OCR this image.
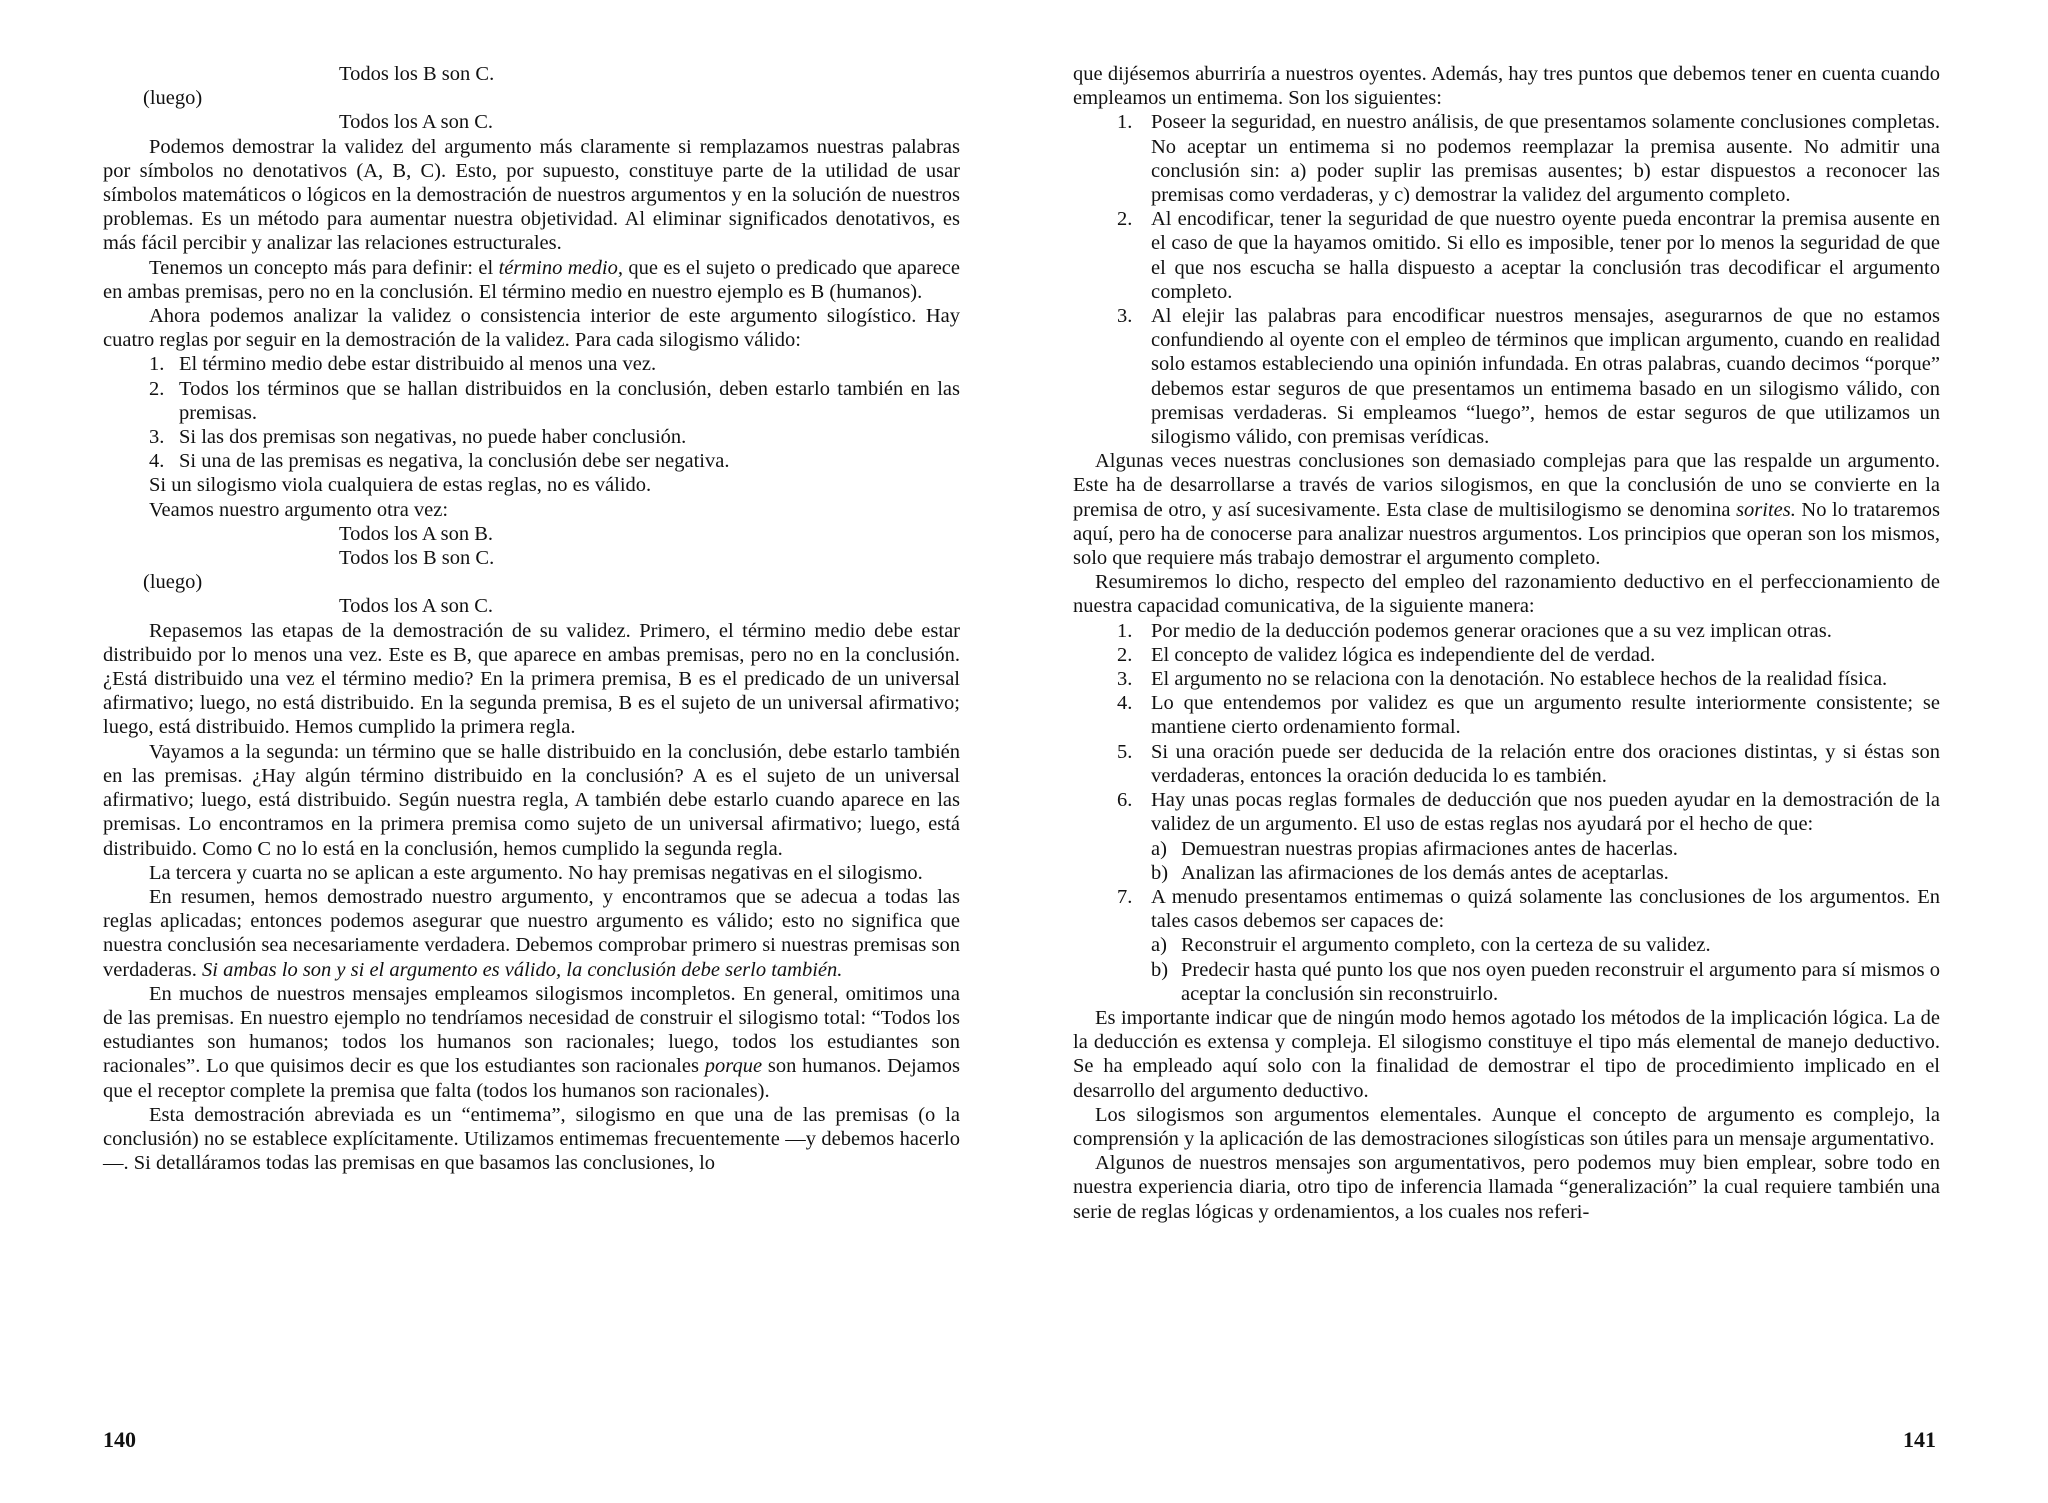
Todos los B son C.

(luego)

Todos los A son C.

Podemos demostrar la validez del argumento más claramente si remplazamos nuestras palabras por símbolos no denotativos (A, B, C). Esto, por supuesto, constituye parte de la utilidad de usar símbolos matemáticos o lógicos en la demostración de nuestros argumentos y en la solución de nuestros problemas. Es un método para aumentar nuestra objetividad. Al eliminar significados denotativos, es más fácil percibir y analizar las relaciones estructurales.

Tenemos un concepto más para definir: el término medio, que es el sujeto o predicado que aparece en ambas premisas, pero no en la conclusión. El término medio en nuestro ejemplo es B (humanos).

Ahora podemos analizar la validez o consistencia interior de este argumento silogístico. Hay cuatro reglas por seguir en la demostración de la validez. Para cada silogismo válido:

1. El término medio debe estar distribuido al menos una vez.
2. Todos los términos que se hallan distribuidos en la conclusión, deben estarlo también en las premisas.
3. Si las dos premisas son negativas, no puede haber conclusión.
4. Si una de las premisas es negativa, la conclusión debe ser negativa.

Si un silogismo viola cualquiera de estas reglas, no es válido.

Veamos nuestro argumento otra vez:

Todos los A son B.

Todos los B son C.

(luego)

Todos los A son C.

Repasemos las etapas de la demostración de su validez. Primero, el término medio debe estar distribuido por lo menos una vez. Este es B, que aparece en ambas premisas, pero no en la conclusión. ¿Está distribuido una vez el término medio? En la primera premisa, B es el predicado de un universal afirmativo; luego, no está distribuido. En la segunda premisa, B es el sujeto de un universal afirmativo; luego, está distribuido. Hemos cumplido la primera regla.

Vayamos a la segunda: un término que se halle distribuido en la conclusión, debe estarlo también en las premisas. ¿Hay algún término distribuido en la conclusión? A es el sujeto de un universal afirmativo; luego, está distribuido. Según nuestra regla, A también debe estarlo cuando aparece en las premisas. Lo encontramos en la primera premisa como sujeto de un universal afirmativo; luego, está distribuido. Como C no lo está en la conclusión, hemos cumplido la segunda regla.

La tercera y cuarta no se aplican a este argumento. No hay premisas negativas en el silogismo.

En resumen, hemos demostrado nuestro argumento, y encontramos que se adecua a todas las reglas aplicadas; entonces podemos asegurar que nuestro argumento es válido; esto no significa que nuestra conclusión sea necesariamente verdadera. Debemos comprobar primero si nuestras premisas son verdaderas. Si ambas lo son y si el argumento es válido, la conclusión debe serlo también.

En muchos de nuestros mensajes empleamos silogismos incompletos. En general, omitimos una de las premisas. En nuestro ejemplo no tendríamos necesidad de construir el silogismo total: “Todos los estudiantes son humanos; todos los humanos son racionales; luego, todos los estudiantes son racionales”. Lo que quisimos decir es que los estudiantes son racionales porque son humanos. Dejamos que el receptor complete la premisa que falta (todos los humanos son racionales).

Esta demostración abreviada es un “entimema”, silogismo en que una de las premisas (o la conclusión) no se establece explícitamente. Utilizamos entimemas frecuentemente —y debemos hacerlo—. Si detalláramos todas las premisas en que basamos las conclusiones, lo

140

que dijésemos aburriría a nuestros oyentes. Además, hay tres puntos que debemos tener en cuenta cuando empleamos un entimema. Son los siguientes:

1. Poseer la seguridad, en nuestro análisis, de que presentamos solamente conclusiones completas. No aceptar un entimema si no podemos reemplazar la premisa ausente. No admitir una conclusión sin: a) poder suplir las premisas ausentes; b) estar dispuestos a reconocer las premisas como verdaderas, y c) demostrar la validez del argumento completo.
2. Al encodificar, tener la seguridad de que nuestro oyente pueda encontrar la premisa ausente en el caso de que la hayamos omitido. Si ello es imposible, tener por lo menos la seguridad de que el que nos escucha se halla dispuesto a aceptar la conclusión tras decodificar el argumento completo.
3. Al elejir las palabras para encodificar nuestros mensajes, asegurarnos de que no estamos confundiendo al oyente con el empleo de términos que implican argumento, cuando en realidad solo estamos estableciendo una opinión infundada. En otras palabras, cuando decimos “porque” debemos estar seguros de que presentamos un entimema basado en un silogismo válido, con premisas verdaderas. Si empleamos “luego”, hemos de estar seguros de que utilizamos un silogismo válido, con premisas verídicas.

Algunas veces nuestras conclusiones son demasiado complejas para que las respalde un argumento. Este ha de desarrollarse a través de varios silogismos, en que la conclusión de uno se convierte en la premisa de otro, y así sucesivamente. Esta clase de multisilogismo se denomina sorites. No lo trataremos aquí, pero ha de conocerse para analizar nuestros argumentos. Los principios que operan son los mismos, solo que requiere más trabajo demostrar el argumento completo.

Resumiremos lo dicho, respecto del empleo del razonamiento deductivo en el perfeccionamiento de nuestra capacidad comunicativa, de la siguiente manera:

1. Por medio de la deducción podemos generar oraciones que a su vez implican otras.
2. El concepto de validez lógica es independiente del de verdad.
3. El argumento no se relaciona con la denotación. No establece hechos de la realidad física.
4. Lo que entendemos por validez es que un argumento resulte interiormente consistente; se mantiene cierto ordenamiento formal.
5. Si una oración puede ser deducida de la relación entre dos oraciones distintas, y si éstas son verdaderas, entonces la oración deducida lo es también.
6. Hay unas pocas reglas formales de deducción que nos pueden ayudar en la demostración de la validez de un argumento. El uso de estas reglas nos ayudará por el hecho de que:
a) Demuestran nuestras propias afirmaciones antes de hacerlas.
b) Analizan las afirmaciones de los demás antes de aceptarlas.
7. A menudo presentamos entimemas o quizá solamente las conclusiones de los argumentos. En tales casos debemos ser capaces de:
a) Reconstruir el argumento completo, con la certeza de su validez.
b) Predecir hasta qué punto los que nos oyen pueden reconstruir el argumento para sí mismos o aceptar la conclusión sin reconstruirlo.

Es importante indicar que de ningún modo hemos agotado los métodos de la implicación lógica. La de la deducción es extensa y compleja. El silogismo constituye el tipo más elemental de manejo deductivo. Se ha empleado aquí solo con la finalidad de demostrar el tipo de procedimiento implicado en el desarrollo del argumento deductivo.

Los silogismos son argumentos elementales. Aunque el concepto de argumento es complejo, la comprensión y la aplicación de las demostraciones silogísticas son útiles para un mensaje argumentativo.

Algunos de nuestros mensajes son argumentativos, pero podemos muy bien emplear, sobre todo en nuestra experiencia diaria, otro tipo de inferencia llamada “generalización” la cual requiere también una serie de reglas lógicas y ordenamientos, a los cuales nos referi-

141
